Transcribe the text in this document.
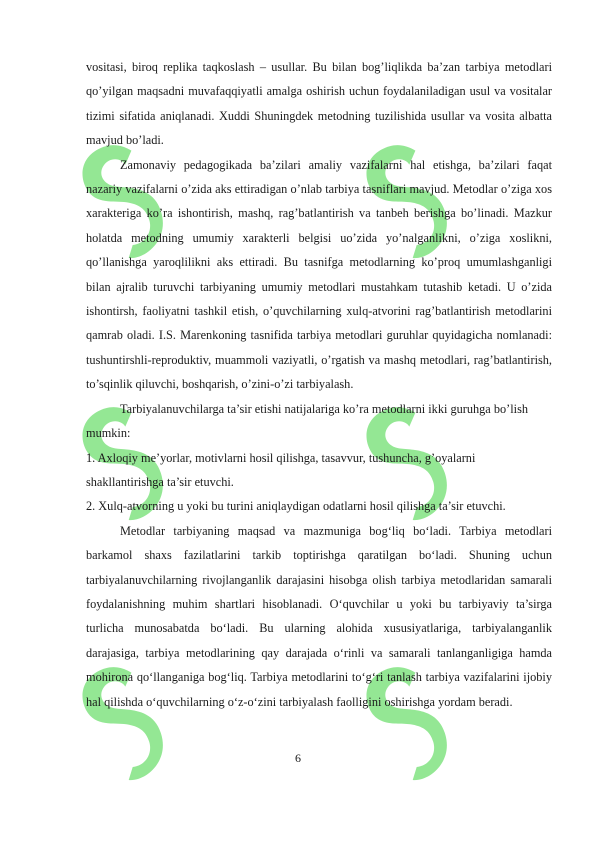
vositasi, biroq replika taqkoslash – usullar. Bu bilan bog’liqlikda ba’zan tarbiya metodlari qo’yilgan maqsadni muvafaqqiyatli amalga oshirish uchun foydalaniladigan usul va vositalar tizimi sifatida aniqlanadi. Xuddi Shuningdek metodning tuzilishida usullar va vosita albatta mavjud bo’ladi.

Zamonaviy pedagogikada ba’zilari amaliy vazifalarni hal etishga, ba’zilari faqat nazariy vazifalarni o’zida aks ettiradigan o’nlab tarbiya tasniflari mavjud. Metodlar o’ziga xos xarakteriga ko’ra ishontirish, mashq, rag’batlantirish va tanbeh berishga bo’linadi. Mazkur holatda metodning umumiy xarakterli belgisi uo’zida yo’nalganlikni, o’ziga xoslikni, qo’llanishga yaroqlilikni aks ettiradi. Bu tasnifga metodlarning ko’proq umumlashganligi bilan ajralib turuvchi tarbiyaning umumiy metodlari mustahkam tutashib ketadi. U o’zida ishontirsh, faoliyatni tashkil etish, o’quvchilarning xulq-atvorini rag’batlantirish metodlarini qamrab oladi. I.S. Marenkoning tasnifida tarbiya metodlari guruhlar quyidagicha nomlanadi: tushuntirshli-reproduktiv, muammoli vaziyatli, o’rgatish va mashq metodlari, rag’batlantirish, to’sqinlik qiluvchi, boshqarish, o’zini-o’zi tarbiyalash.

Tarbiyalanuvchilarga ta’sir etishi natijalariga ko’ra metodlarni ikki guruhga bo’lish mumkin:

1. Axloqiy me’yorlar, motivlarni hosil qilishga, tasavvur, tushuncha, g’oyalarni shakllantirishga ta’sir etuvchi.

2. Xulq-atvorning u yoki bu turini aniqlaydigan odatlarni hosil qilishga ta’sir etuvchi.

Metodlar tarbiyaning maqsad va mazmuniga bog‘liq bo‘ladi. Tarbiya metodlari barkamol shaxs fazilatlarini tarkib toptirishga qaratilgan bo‘ladi. Shuning uchun tarbiyalanuvchilarning rivojlanganlik darajasini hisobga olish tarbiya metodlaridan samarali foydalanishning muhim shartlari hisoblanadi. O‘quvchilar u yoki bu tarbiyaviy ta’sirga turlicha munosabatda bo‘ladi. Bu ularning alohida xususiyatlariga, tarbiyalanganlik darajasiga, tarbiya metodlarining qay darajada o‘rinli va samarali tanlanganligiga hamda mohirona qo‘llanganiga bog‘liq. Tarbiya metodlarini to‘g‘ri tanlash tarbiya vazifalarini ijobiy hal qilishda o‘quvchilarning o‘z-o‘zini tarbiyalash faolligini oshirishga yordam beradi.

6
